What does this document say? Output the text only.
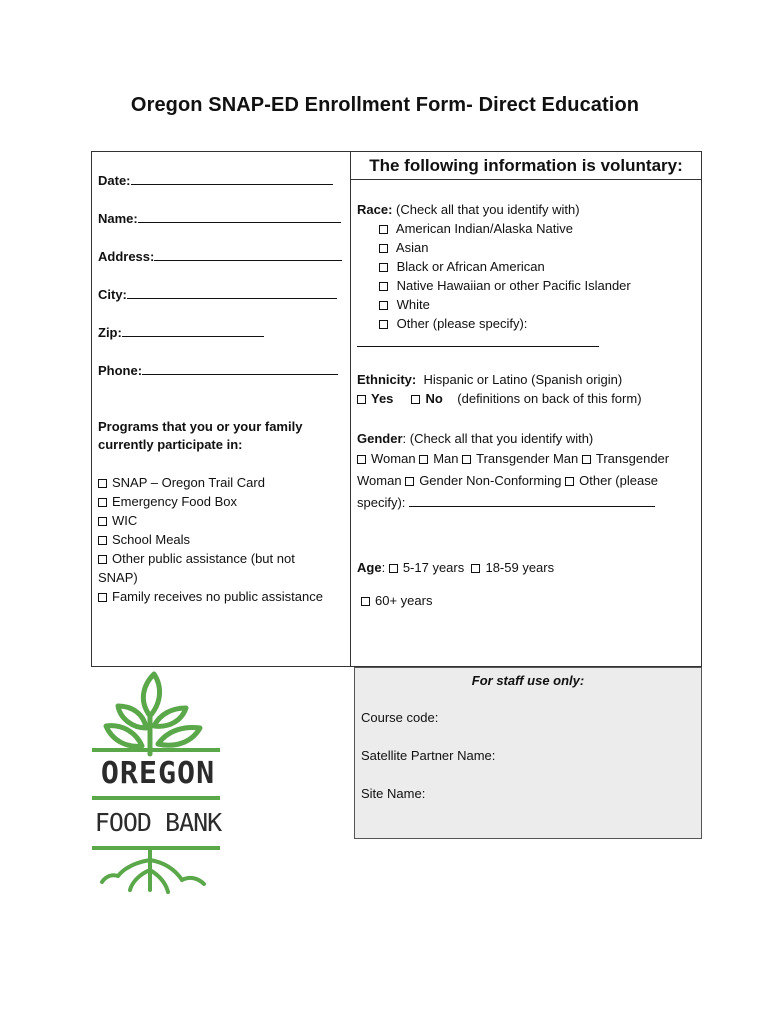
Oregon SNAP-ED Enrollment Form- Direct Education
Date:
Name:
Address:
City:
Zip:
Phone:
Programs that you or your family
currently participate in:
SNAP – Oregon Trail Card
Emergency Food Box
WIC
School Meals
Other public assistance (but not
SNAP)
Family receives no public assistance
The following information is voluntary:
Race: (Check all that you identify with)
American Indian/Alaska Native
Asian
Black or African American
Native Hawaiian or other Pacific Islander
White
Other (please specify):
Ethnicity: Hispanic or Latino (Spanish origin)
Yes No (definitions on back of this form)
Gender: (Check all that you identify with)
Woman Man Transgender Man Transgender
Woman Gender Non-Conforming Other (please
specify):
Age: 5-17 years 18-59 years
60+ years
For staff use only:
Course code:
Satellite Partner Name:
Site Name:
OREGON
FOOD BANK
